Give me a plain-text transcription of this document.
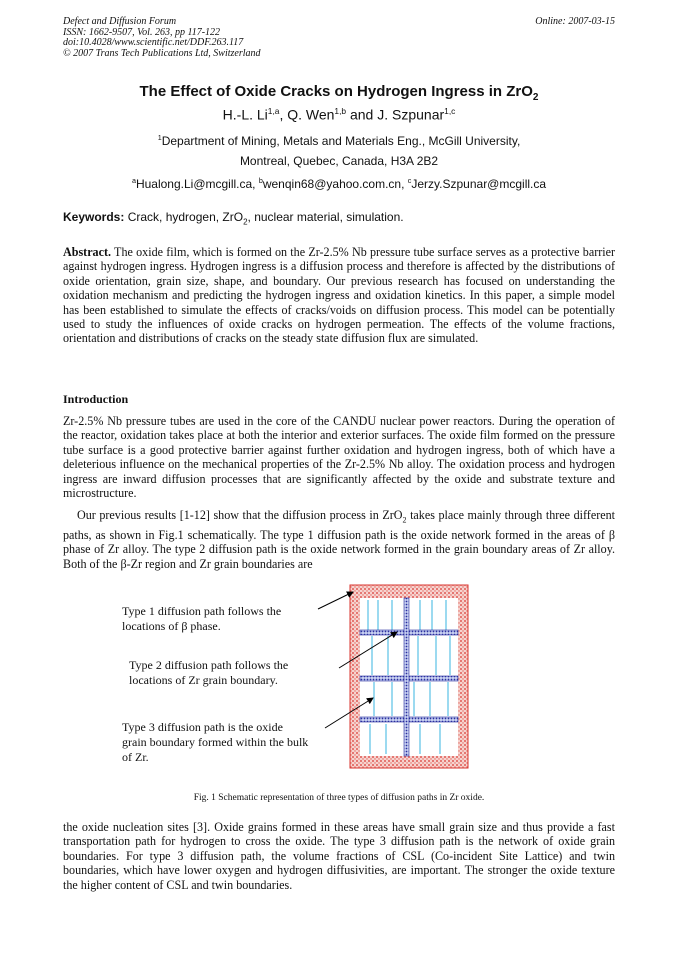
Defect and Diffusion Forum
ISSN: 1662-9507, Vol. 263, pp 117-122
doi:10.4028/www.scientific.net/DDF.263.117
© 2007 Trans Tech Publications Ltd, Switzerland
Online: 2007-03-15
The Effect of Oxide Cracks on Hydrogen Ingress in ZrO$_2$
H.-L. Li$^{1,a}$, Q. Wen$^{1,b}$ and J. Szpunar$^{1,c}$
$^1$Department of Mining, Metals and Materials Eng., McGill University,
Montreal, Quebec, Canada, H3A 2B2
$^a$Hualong.Li@mcgill.ca, $^b$wenqin68@yahoo.com.cn, $^c$Jerzy.Szpunar@mcgill.ca
Keywords: Crack, hydrogen, ZrO$_2$, nuclear material, simulation.
Abstract. The oxide film, which is formed on the Zr-2.5% Nb pressure tube surface serves as a protective barrier against hydrogen ingress. Hydrogen ingress is a diffusion process and therefore is affected by the distributions of oxide orientation, grain size, shape, and boundary. Our previous research has focused on understanding the oxidation mechanism and predicting the hydrogen ingress and oxidation kinetics. In this paper, a simple model has been established to simulate the effects of cracks/voids on diffusion process. This model can be potentially used to study the influences of oxide cracks on hydrogen permeation. The effects of the volume fractions, orientation and distributions of cracks on the steady state diffusion flux are simulated.
Introduction
Zr-2.5% Nb pressure tubes are used in the core of the CANDU nuclear power reactors. During the operation of the reactor, oxidation takes place at both the interior and exterior surfaces. The oxide film formed on the pressure tube surface is a good protective barrier against further oxidation and hydrogen ingress, both of which have a deleterious influence on the mechanical properties of the Zr-2.5% Nb alloy. The oxidation process and hydrogen ingress are inward diffusion processes that are significantly affected by the oxide and substrate texture and microstructure.
Our previous results [1-12] show that the diffusion process in ZrO$_2$ takes place mainly through three different paths, as shown in Fig.1 schematically. The type 1 diffusion path is the oxide network formed in the areas of β phase of Zr alloy. The type 2 diffusion path is the oxide network formed in the grain boundary areas of Zr alloy. Both of the β-Zr region and Zr grain boundaries are
Type 1 diffusion path follows the
locations of β phase.
Type 2 diffusion path follows the
locations of Zr grain boundary.
Type 3 diffusion path is the oxide
grain boundary formed within the bulk
of Zr.
Fig. 1 Schematic representation of three types of diffusion paths in Zr oxide.
the oxide nucleation sites [3]. Oxide grains formed in these areas have small grain size and thus provide a fast transportation path for hydrogen to cross the oxide. The type 3 diffusion path is the network of oxide grain boundaries. For type 3 diffusion path, the volume fractions of CSL (Co-incident Site Lattice) and twin boundaries, which have lower oxygen and hydrogen diffusivities, are important. The stronger the oxide texture the higher content of CSL and twin boundaries.
